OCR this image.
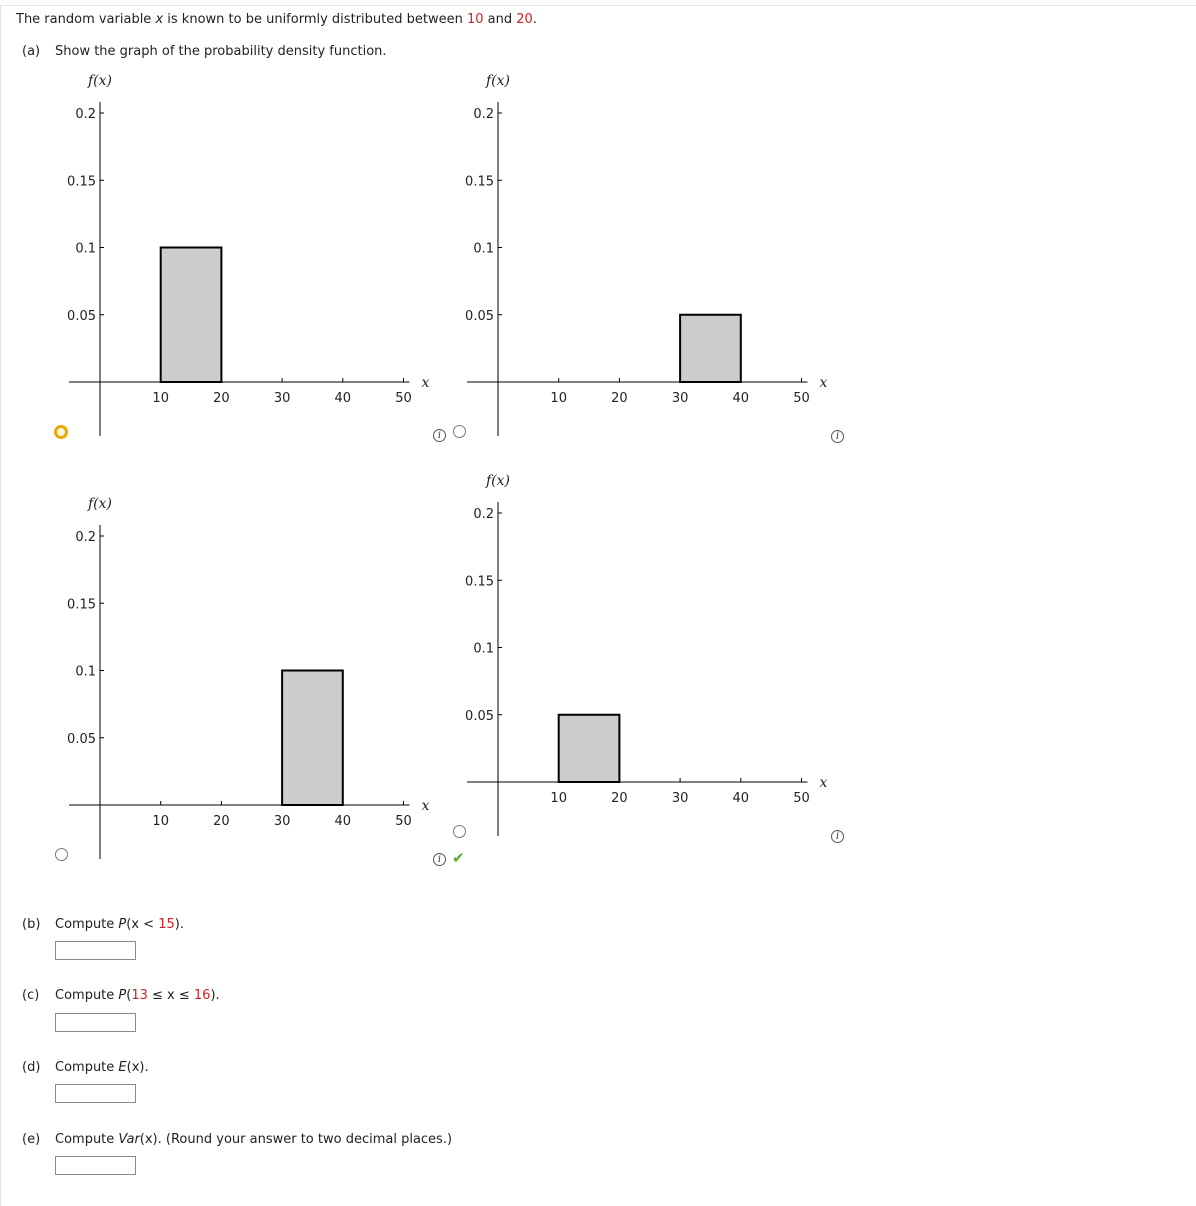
The random variable x is known to be uniformly distributed between 10 and 20.
(a) Show the graph of the probability density function.
10	20	30	40	50
0.2
0.15
0.1
0.05
f(x)
x
10	20	30	40	50
0.2
0.15
0.1
0.05
f(x)
x
10	20	30	40	50
0.2
0.15
0.1
0.05
f(x)
x	10	20	30	40	50
0.2
0.15
0.1
0.05
f(x)
x
i	i
i
i
✔
(b) Compute P(x < 15).
(c) Compute P(13 ≤ x ≤ 16).
(d) Compute E(x).
(e) Compute Var(x). (Round your answer to two decimal places.)
